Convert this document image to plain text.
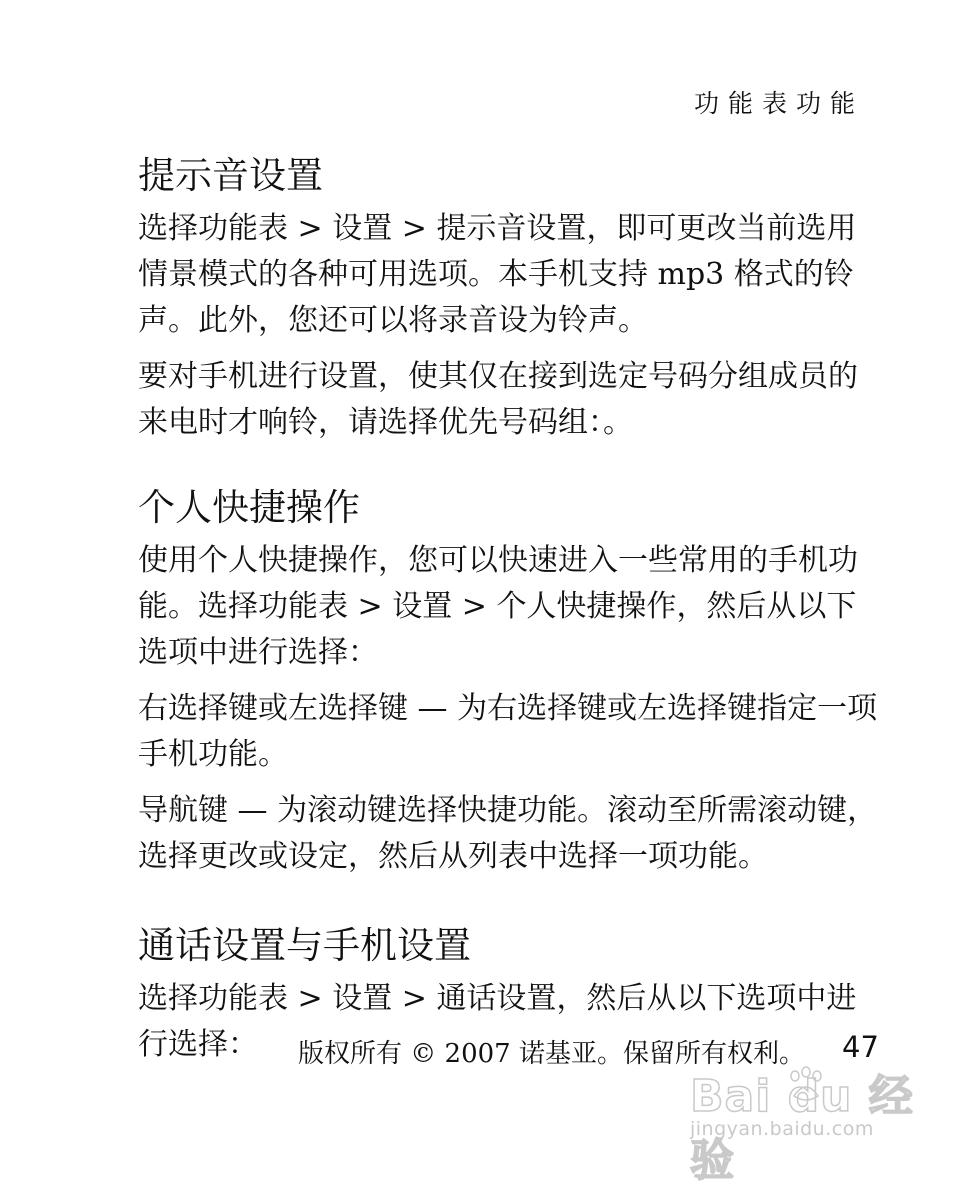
功能表功能
提示音设置

选择功能表 > 设置 > 提示音设置，即可更改当前选用情景模式的各种可用选项。本手机支持 mp3 格式的铃声。此外，您还可以将录音设为铃声。

要对手机进行设置，使其仅在接到选定号码分组成员的来电时才响铃，请选择优先号码组：。

个人快捷操作

使用个人快捷操作，您可以快速进入一些常用的手机功能。选择功能表 > 设置 > 个人快捷操作，然后从以下选项中进行选择：

右选择键或左选择键 — 为右选择键或左选择键指定一项手机功能。

导航键 — 为滚动键选择快捷功能。滚动至所需滚动键，选择更改或设定，然后从列表中选择一项功能。

通话设置与手机设置

选择功能表 > 设置 > 通话设置，然后从以下选项中进行选择：	版权所有 © 2007 诺基亚。保留所有权利。 47
Bai du 经验
jingyan.baidu.com
